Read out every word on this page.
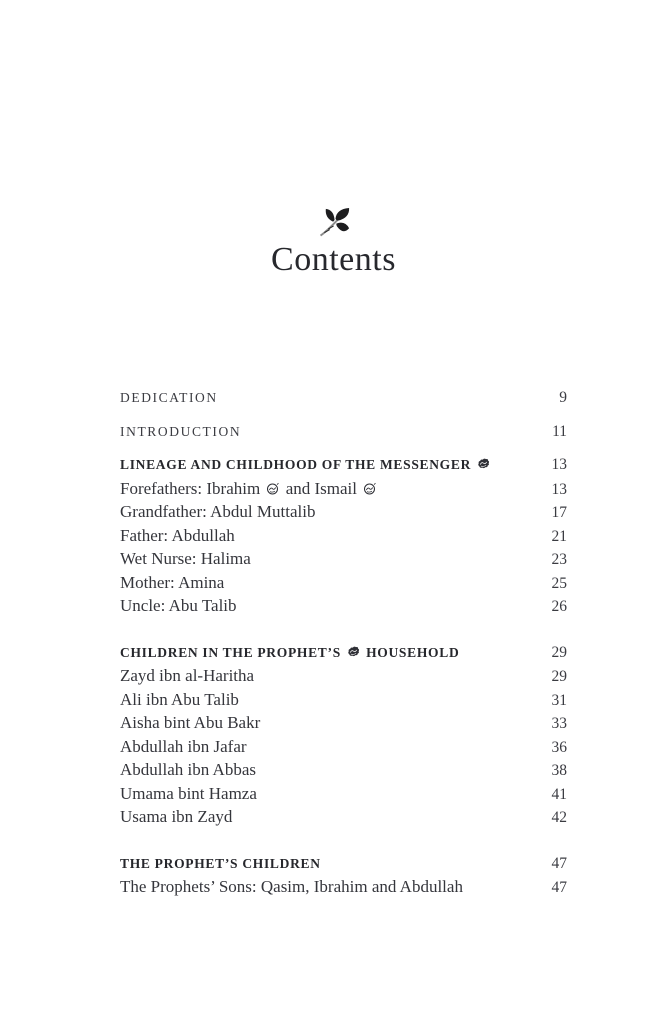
Contents
DEDICATION	9
INTRODUCTION	11
LINEAGE AND CHILDHOOD OF THE MESSENGER	13
Forefathers: Ibrahim  and Ismail	13
Grandfather: Abdul Muttalib	17
Father: Abdullah	21
Wet Nurse: Halima	23
Mother: Amina	25
Uncle: Abu Talib	26
CHILDREN IN THE PROPHET’S  HOUSEHOLD	29
Zayd ibn al-Haritha	29
Ali ibn Abu Talib	31
Aisha bint Abu Bakr	33
Abdullah ibn Jafar	36
Abdullah ibn Abbas	38
Umama bint Hamza	41
Usama ibn Zayd	42
THE PROPHET’S CHILDREN	47
The Prophets’ Sons: Qasim, Ibrahim and Abdullah	47
